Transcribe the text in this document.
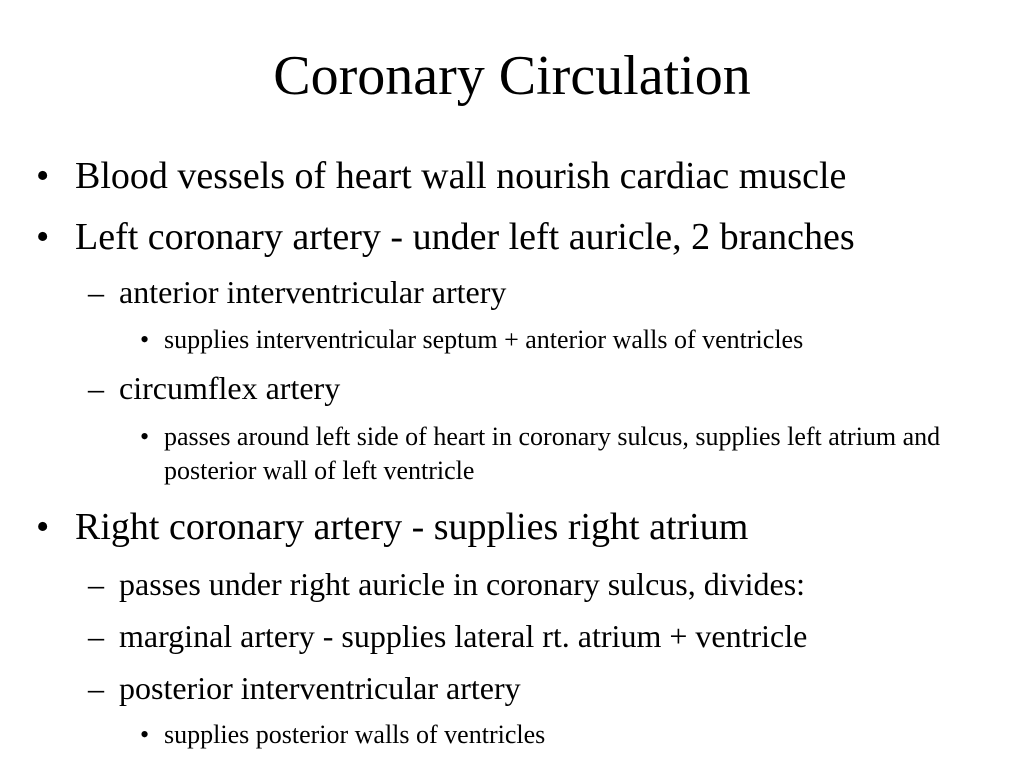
Coronary Circulation
• Blood vessels of heart wall nourish cardiac muscle
• Left coronary artery - under left auricle, 2 branches
– anterior interventricular artery
• supplies interventricular septum + anterior walls of ventricles
– circumflex artery
• passes around left side of heart in coronary sulcus, supplies left atrium and posterior wall of left ventricle
• Right coronary artery - supplies right atrium
– passes under right auricle in coronary sulcus, divides:
– marginal artery - supplies lateral rt. atrium + ventricle
– posterior interventricular artery
• supplies posterior walls of ventricles
